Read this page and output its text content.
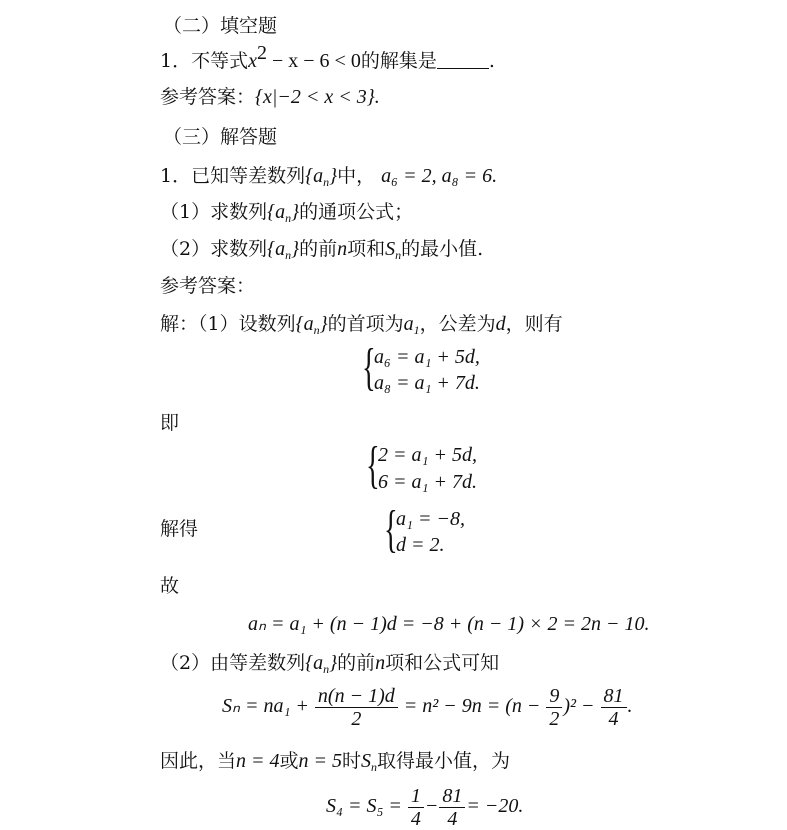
（二）填空题
1．不等式$x^2 - x - 6 < 0$的解集是	.
参考答案：{x|−2 < x < 3}.
（三）解答题
1．已知等差数列$\{a_n\}$中， a₆ = 2, a₈ = 6.
（1）求数列$\{a_n\}$的通项公式；
（2）求数列$\{a_n\}$的前n项和$S_n$的最小值.
参考答案：
解：（1）设数列$\{a_n\}$的首项为$a_1$，公差为d，则有
{
a₆ = a₁ + 5d,
a₈ = a₁ + 7d.
即
{
2 = a₁ + 5d,
6 = a₁ + 7d.
解得	{
a₁ = −8,
d = 2.
故
aₙ = a₁ + (n − 1)d = −8 + (n − 1) × 2 = 2n − 10.
（2）由等差数列$\{a_n\}$的前n项和公式可知
$S_n = na_1 + \frac{n(n - 1)d}{2} = n^2 - 9n = (n - \frac{9}{2} )^2 - \frac{81}{4}$ .
因此，当n = 4或n = 5时$S_n$取得最小值，为
$S_4 = S_5 = \frac{1}{4} - \frac{81}{4} = -20$.
